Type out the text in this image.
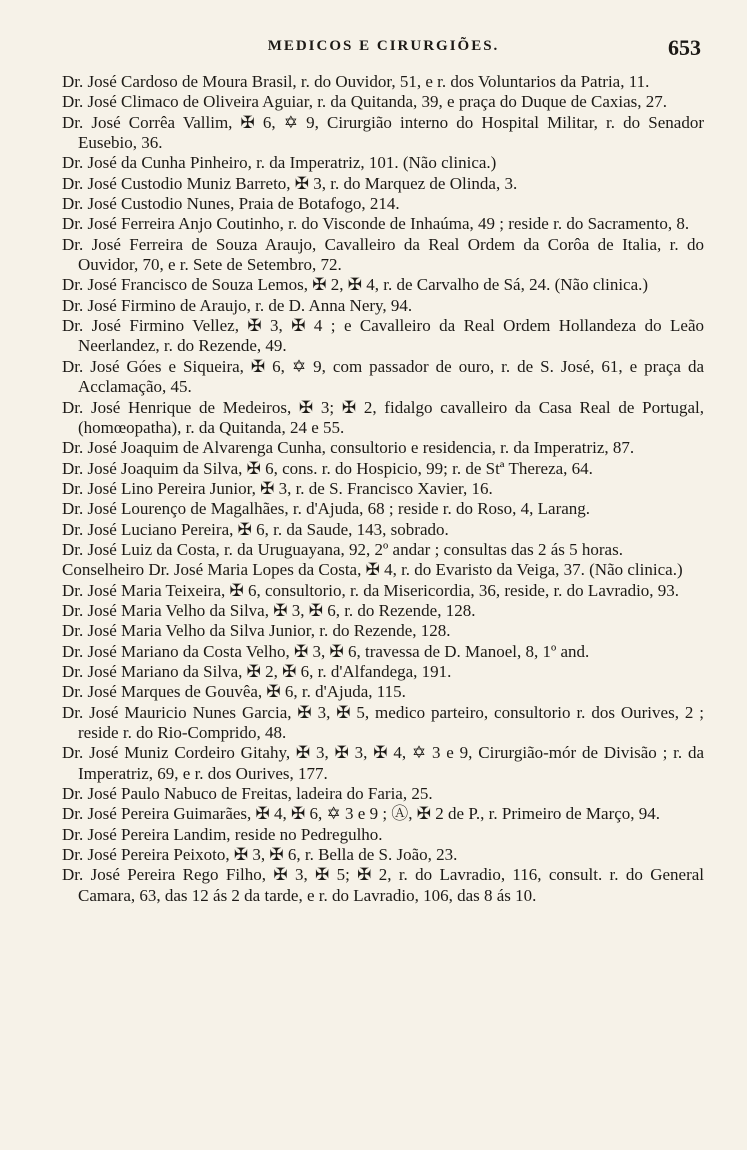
MEDICOS E CIRURGIÕES.	653

Dr. José Cardoso de Moura Brasil, r. do Ouvidor, 51, e r. dos Voluntarios da Patria, 11.

Dr. José Climaco de Oliveira Aguiar, r. da Quitanda, 39, e praça do Duque de Caxias, 27.

Dr. José Corrêa Vallim, ✠ 6, ✡ 9, Cirurgião interno do Hospital Militar, r. do Senador Eusebio, 36.

Dr. José da Cunha Pinheiro, r. da Imperatriz, 101. (Não clinica.)

Dr. José Custodio Muniz Barreto, ✠ 3, r. do Marquez de Olinda, 3.

Dr. José Custodio Nunes, Praia de Botafogo, 214.

Dr. José Ferreira Anjo Coutinho, r. do Visconde de Inhaúma, 49 ; reside r. do Sacramento, 8.

Dr. José Ferreira de Souza Araujo, Cavalleiro da Real Ordem da Corôa de Italia, r. do Ouvidor, 70, e r. Sete de Setembro, 72.

Dr. José Francisco de Souza Lemos, ✠ 2, ✠ 4, r. de Carvalho de Sá, 24. (Não clinica.)

Dr. José Firmino de Araujo, r. de D. Anna Nery, 94.

Dr. José Firmino Vellez, ✠ 3, ✠ 4 ; e Cavalleiro da Real Ordem Hollandeza do Leão Neerlandez, r. do Rezende, 49.

Dr. José Góes e Siqueira, ✠ 6, ✡ 9, com passador de ouro, r. de S. José, 61, e praça da Acclamação, 45.

Dr. José Henrique de Medeiros, ✠ 3; ✠ 2, fidalgo cavalleiro da Casa Real de Portugal, (homœopatha), r. da Quitanda, 24 e 55.

Dr. José Joaquim de Alvarenga Cunha, consultorio e residencia, r. da Imperatriz, 87.

Dr. José Joaquim da Silva, ✠ 6, cons. r. do Hospicio, 99; r. de Stª Thereza, 64.

Dr. José Lino Pereira Junior, ✠ 3, r. de S. Francisco Xavier, 16.

Dr. José Lourenço de Magalhães, r. d'Ajuda, 68 ; reside r. do Roso, 4, Larang.

Dr. José Luciano Pereira, ✠ 6, r. da Saude, 143, sobrado.

Dr. José Luiz da Costa, r. da Uruguayana, 92, 2º andar ; consultas das 2 ás 5 horas.

Conselheiro Dr. José Maria Lopes da Costa, ✠ 4, r. do Evaristo da Veiga, 37. (Não clinica.)

Dr. José Maria Teixeira, ✠ 6, consultorio, r. da Misericordia, 36, reside, r. do Lavradio, 93.

Dr. José Maria Velho da Silva, ✠ 3, ✠ 6, r. do Rezende, 128.

Dr. José Maria Velho da Silva Junior, r. do Rezende, 128.

Dr. José Mariano da Costa Velho, ✠ 3, ✠ 6, travessa de D. Manoel, 8, 1º and.

Dr. José Mariano da Silva, ✠ 2, ✠ 6, r. d'Alfandega, 191.

Dr. José Marques de Gouvêa, ✠ 6, r. d'Ajuda, 115.

Dr. José Mauricio Nunes Garcia, ✠ 3, ✠ 5, medico parteiro, consultorio r. dos Ourives, 2 ; reside r. do Rio-Comprido, 48.

Dr. José Muniz Cordeiro Gitahy, ✠ 3, ✠ 3, ✠ 4, ✡ 3 e 9, Cirurgião-mór de Divisão ; r. da Imperatriz, 69, e r. dos Ourives, 177.

Dr. José Paulo Nabuco de Freitas, ladeira do Faria, 25.

Dr. José Pereira Guimarães, ✠ 4, ✠ 6, ✡ 3 e 9 ; Ⓐ, ✠ 2 de P., r. Primeiro de Março, 94.

Dr. José Pereira Landim, reside no Pedregulho.

Dr. José Pereira Peixoto, ✠ 3, ✠ 6, r. Bella de S. João, 23.

Dr. José Pereira Rego Filho, ✠ 3, ✠ 5; ✠ 2, r. do Lavradio, 116, consult. r. do General Camara, 63, das 12 ás 2 da tarde, e r. do Lavradio, 106, das 8 ás 10.
